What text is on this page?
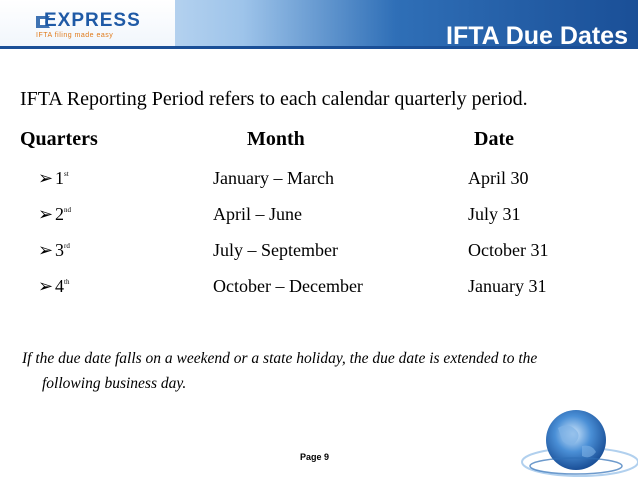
EXPRESS
IFTA filing made easy	IFTA Due Dates
IFTA Reporting Period refers to each calendar quarterly period.
Quarters	Month	Date
➢ 1st	January – March	April 30
➢ 2nd	April – June	July 31
➢ 3rd	July – September	October 31
➢ 4th	October – December	January 31
If the due date falls on a weekend or a state holiday, the due date is extended to the
following business day.
Page 9
